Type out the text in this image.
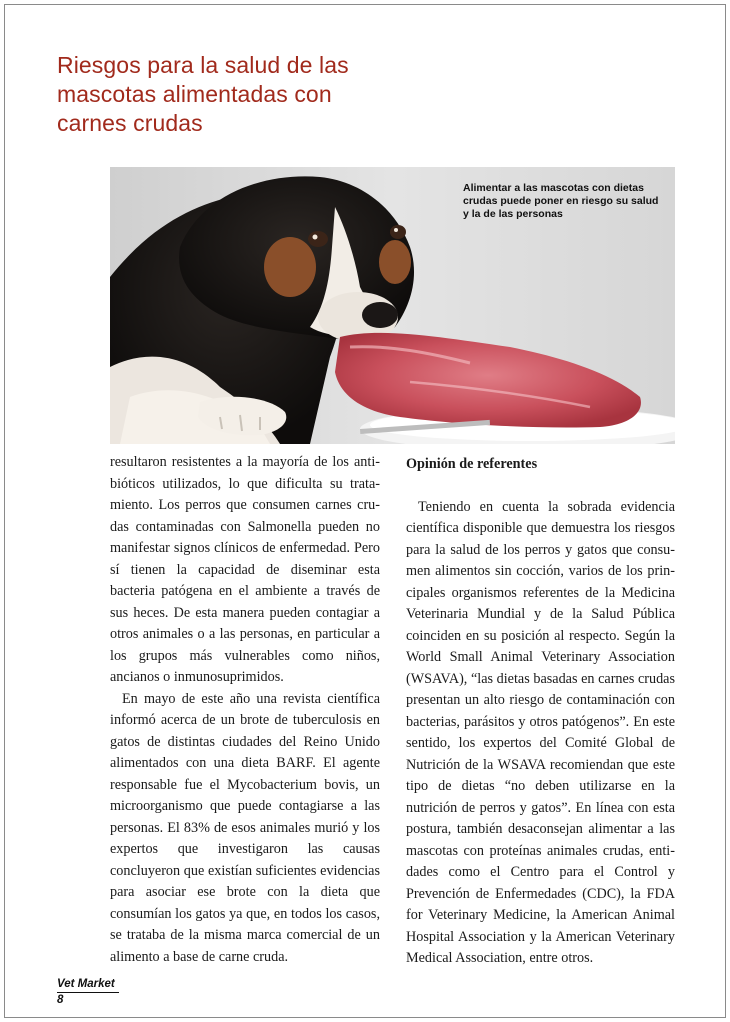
Riesgos para la salud de las mascotas alimentadas con carnes crudas

Alimentar a las mascotas con dietas crudas puede poner en riesgo su salud y la de las personas

resultaron resistentes a la mayoría de los antibióticos utilizados, lo que dificulta su tratamiento. Los perros que consumen carnes crudas contaminadas con Salmonella pueden no manifestar signos clínicos de enfermedad. Pero sí tienen la capacidad de diseminar esta bacteria patógena en el ambiente a través de sus heces. De esta manera pueden contagiar a otros animales o a las personas, en particular a los grupos más vulnerables como niños, ancianos o inmunosuprimidos.

En mayo de este año una revista científica informó acerca de un brote de tuberculosis en gatos de distintas ciudades del Reino Unido alimentados con una dieta BARF. El agente responsable fue el Mycobacterium bovis, un microorganismo que puede contagiarse a las personas. El 83% de esos animales murió y los expertos que investigaron las causas concluyeron que existían suficientes evidencias para asociar ese brote con la dieta que consumían los gatos ya que, en todos los casos, se trataba de la misma marca comercial de un alimento a base de carne cruda.

Opinión de referentes

Teniendo en cuenta la sobrada evidencia científica disponible que demuestra los riesgos para la salud de los perros y gatos que consumen alimentos sin cocción, varios de los principales organismos referentes de la Medicina Veterinaria Mundial y de la Salud Pública coinciden en su posición al respecto. Según la World Small Animal Veterinary Association (WSAVA), “las dietas basadas en carnes crudas presentan un alto riesgo de contaminación con bacterias, parásitos y otros patógenos”. En este sentido, los expertos del Comité Global de Nutrición de la WSAVA recomiendan que este tipo de dietas “no deben utilizarse en la nutrición de perros y gatos”. En línea con esta postura, también desaconsejan alimentar a las mascotas con proteínas animales crudas, entidades como el Centro para el Control y Prevención de Enfermedades (CDC), la FDA for Veterinary Medicine, la American Animal Hospital Association y la American Veterinary Medical Association, entre otros.

Vet Market
8
